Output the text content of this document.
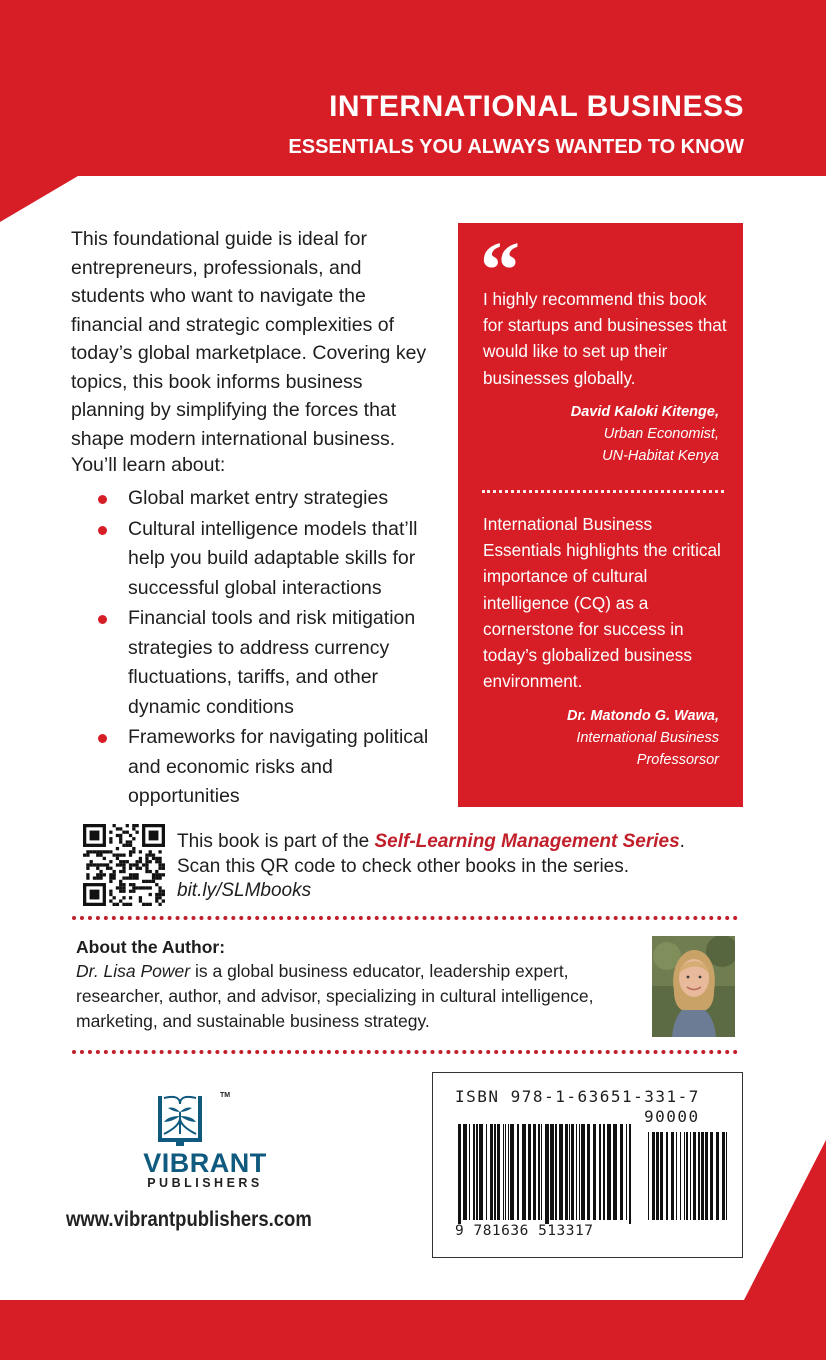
INTERNATIONAL BUSINESS
ESSENTIALS YOU ALWAYS WANTED TO KNOW
This foundational guide is ideal for entrepreneurs, professionals, and students who want to navigate the financial and strategic complexities of today’s global marketplace. Covering key topics, this book informs business planning by simplifying the forces that shape modern international business.
You’ll learn about:
Global market entry strategies
Cultural intelligence models that’ll help you build adaptable skills for successful global interactions
Financial tools and risk mitigation strategies to address currency fluctuations, tariffs, and other dynamic conditions
Frameworks for navigating political and economic risks and opportunities
“
I highly recommend this book for startups and businesses that would like to set up their businesses globally.
David Kaloki Kitenge,
Urban Economist,
UN-Habitat Kenya
International Business Essentials highlights the critical importance of cultural intelligence (CQ) as a cornerstone for success in today’s globalized business environment.
Dr. Matondo G. Wawa,
International Business
Professorsor
This book is part of the Self-Learning Management Series.
Scan this QR code to check other books in the series.
bit.ly/SLMbooks
About the Author:
Dr. Lisa Power is a global business educator, leadership expert, researcher, author, and advisor, specializing in cultural intelligence, marketing, and sustainable business strategy.
TM
VIBRANT
PUBLISHERS
www.vibrantpublishers.com
ISBN 978-1-63651-331-7
90000
9 781636 513317
